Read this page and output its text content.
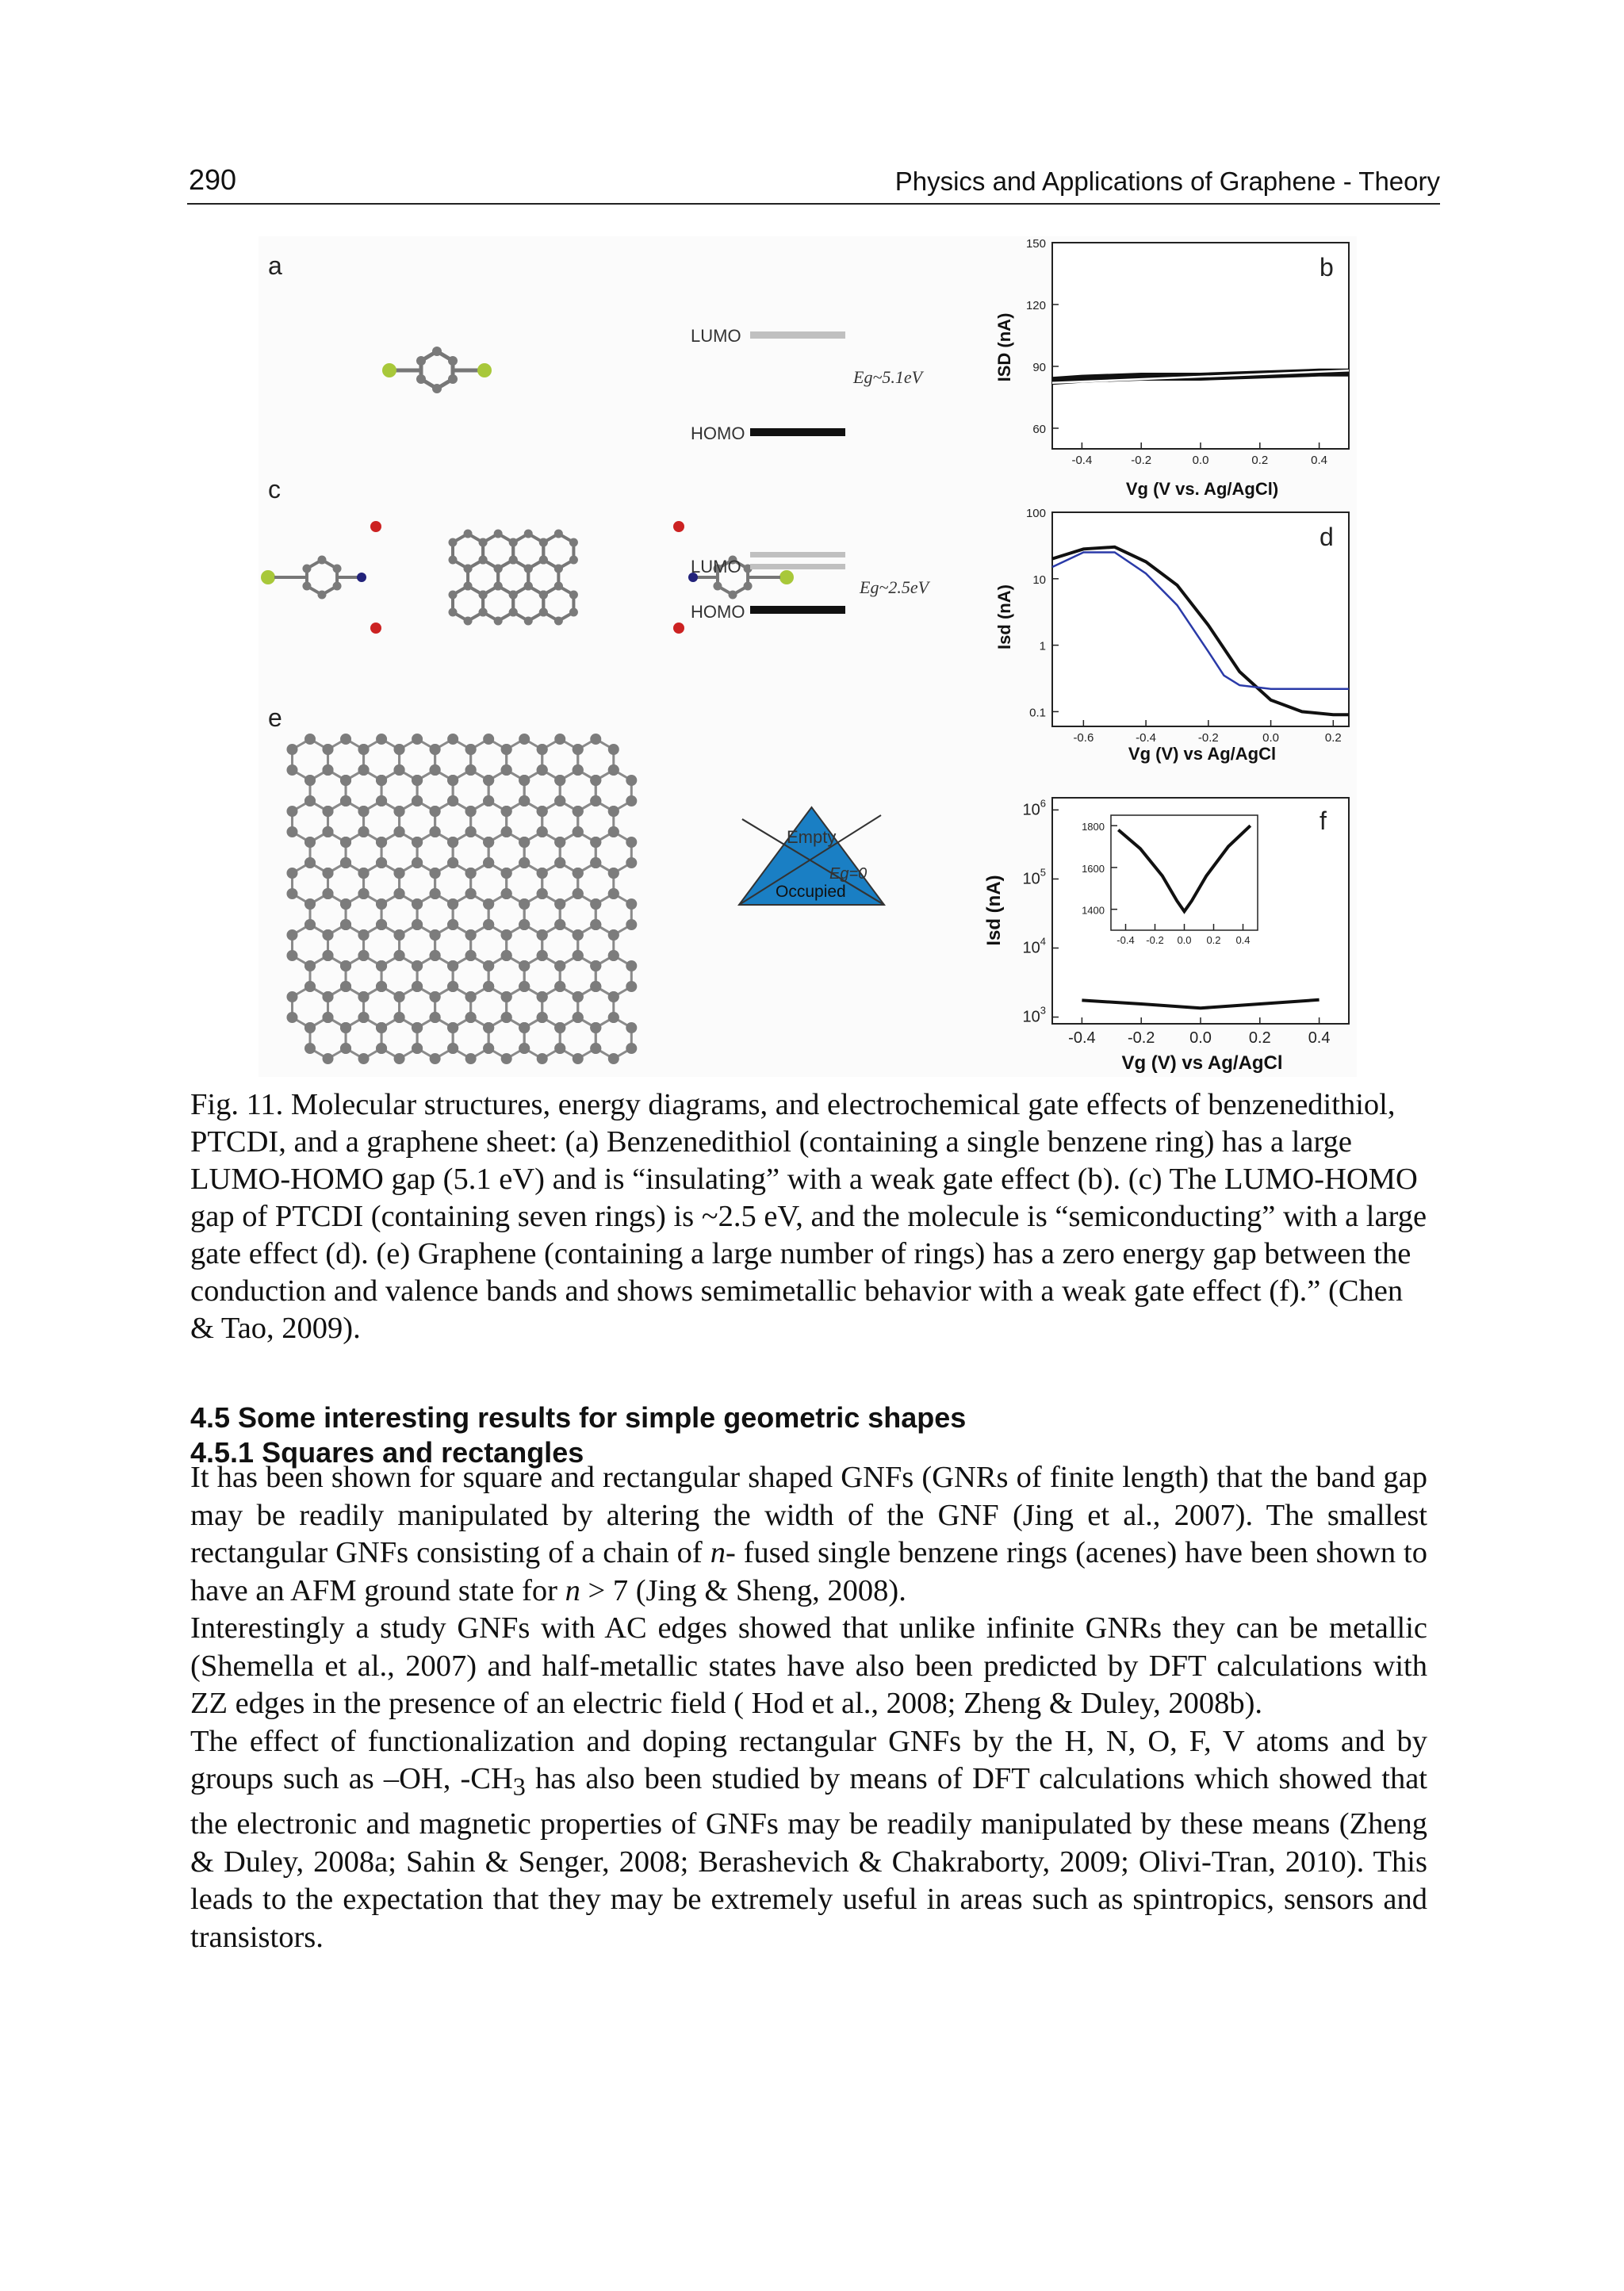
290	Physics and Applications of Graphene - Theory
a
c
e
LUMO
Eg~5.1eV
HOMO
LUMO
Eg~2.5eV
HOMO
Empty
Eg=0
Occupied
b
60
90
120
150
-0.4	-0.2	0.0	0.2	0.4
Vg (V vs. Ag/AgCl)
ISD (nA)
d
0.1
1
10
100
-0.6	-0.4	-0.2	0.0	0.2
Vg (V) vs Ag/AgCl
Isd (nA)
f
$10^3$
$10^4$
$10^5$
$10^6$
-0.4 -0.2 0.0 0.2 0.4
Vg (V) vs Ag/AgCl
Isd (nA)	1400
1600
1800
-0.4 -0.2 0.0 0.2 0.4

Fig. 11. Molecular structures, energy diagrams, and electrochemical gate effects of benzenedithiol, PTCDI, and a graphene sheet: (a) Benzenedithiol (containing a single benzene ring) has a large LUMO-HOMO gap (5.1 eV) and is “insulating” with a weak gate effect (b). (c) The LUMO-HOMO gap of PTCDI (containing seven rings) is ~2.5 eV, and the molecule is “semiconducting” with a large gate effect (d). (e) Graphene (containing a large number of rings) has a zero energy gap between the conduction and valence bands and shows semimetallic behavior with a weak gate effect (f).” (Chen & Tao, 2009).

4.5 Some interesting results for simple geometric shapes
4.5.1 Squares and rectangles

It has been shown for square and rectangular shaped GNFs (GNRs of finite length) that the band gap may be readily manipulated by altering the width of the GNF (Jing et al., 2007). The smallest rectangular GNFs consisting of a chain of n- fused single benzene rings (acenes) have been shown to have an AFM ground state for n > 7 (Jing & Sheng, 2008).

Interestingly a study GNFs with AC edges showed that unlike infinite GNRs they can be metallic (Shemella et al., 2007) and half-metallic states have also been predicted by DFT calculations with ZZ edges in the presence of an electric field ( Hod et al., 2008; Zheng & Duley, 2008b).

The effect of functionalization and doping rectangular GNFs by the H, N, O, F, V atoms and by groups such as –OH, $-CH_3$ has also been studied by means of DFT calculations which showed that the electronic and magnetic properties of GNFs may be readily manipulated by these means (Zheng & Duley, 2008a; Sahin & Senger, 2008; Berashevich & Chakraborty, 2009; Olivi-Tran, 2010). This leads to the expectation that they may be extremely useful in areas such as spintropics, sensors and transistors.
